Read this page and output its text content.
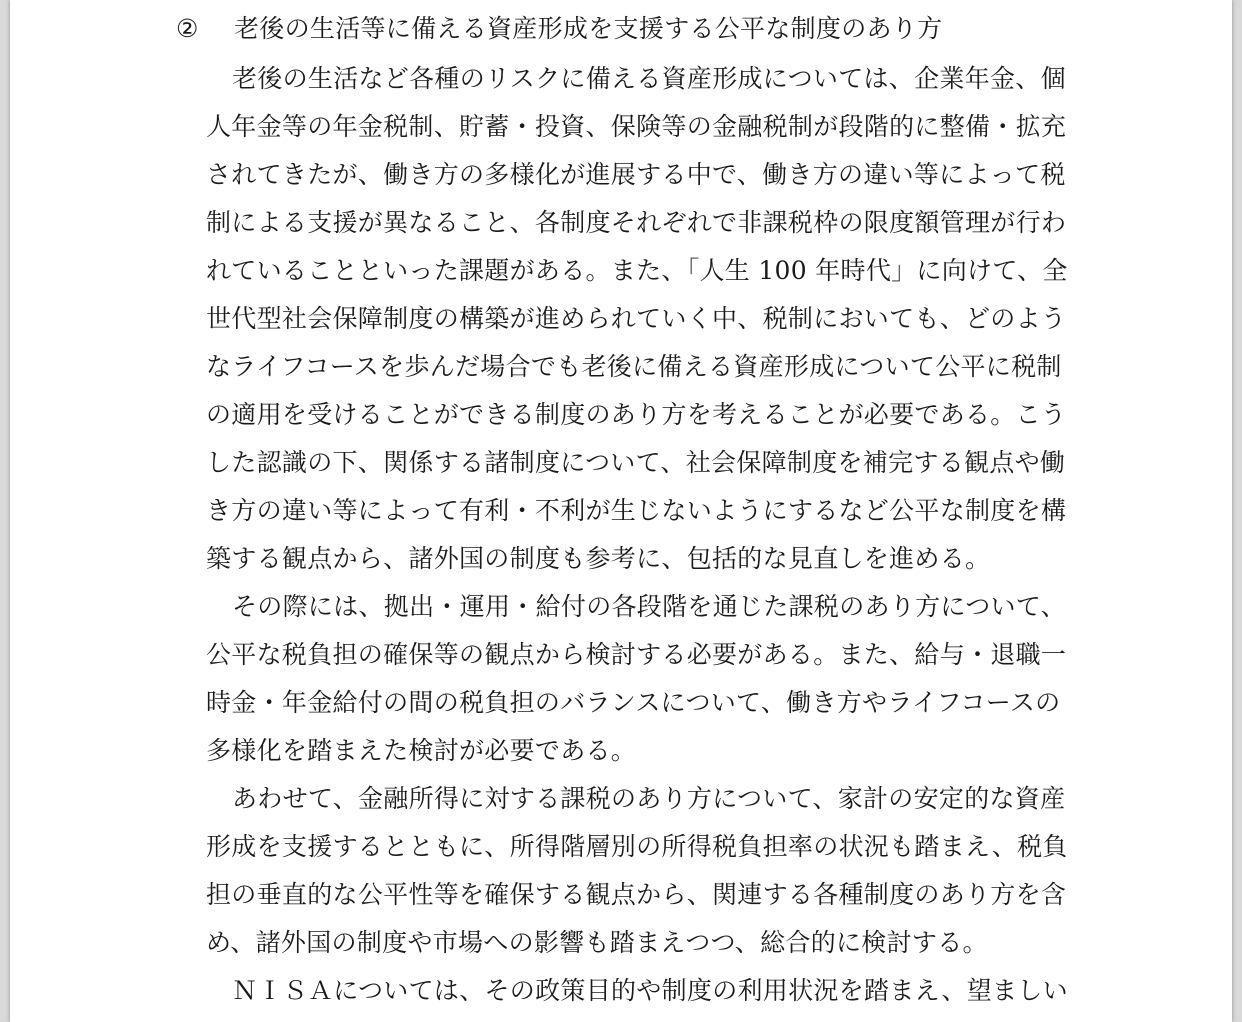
② 老後の生活等に備える資産形成を支援する公平な制度のあり方
老後の生活など各種のリスクに備える資産形成については、企業年金、個
人年金等の年金税制、貯蓄・投資、保険等の金融税制が段階的に整備・拡充
されてきたが、働き方の多様化が進展する中で、働き方の違い等によって税
制による支援が異なること、各制度それぞれで非課税枠の限度額管理が行わ
れていることといった課題がある。また、「人生 100 年時代」に向けて、全
世代型社会保障制度の構築が進められていく中、税制においても、どのよう
なライフコースを歩んだ場合でも老後に備える資産形成について公平に税制
の適用を受けることができる制度のあり方を考えることが必要である。こう
した認識の下、関係する諸制度について、社会保障制度を補完する観点や働
き方の違い等によって有利・不利が生じないようにするなど公平な制度を構
築する観点から、諸外国の制度も参考に、包括的な見直しを進める。
その際には、拠出・運用・給付の各段階を通じた課税のあり方について、
公平な税負担の確保等の観点から検討する必要がある。また、給与・退職一
時金・年金給付の間の税負担のバランスについて、働き方やライフコースの
多様化を踏まえた検討が必要である。
あわせて、金融所得に対する課税のあり方について、家計の安定的な資産
形成を支援するとともに、所得階層別の所得税負担率の状況も踏まえ、税負
担の垂直的な公平性等を確保する観点から、関連する各種制度のあり方を含
め、諸外国の制度や市場への影響も踏まえつつ、総合的に検討する。
ＮＩＳＡについては、その政策目的や制度の利用状況を踏まえ、望ましい
